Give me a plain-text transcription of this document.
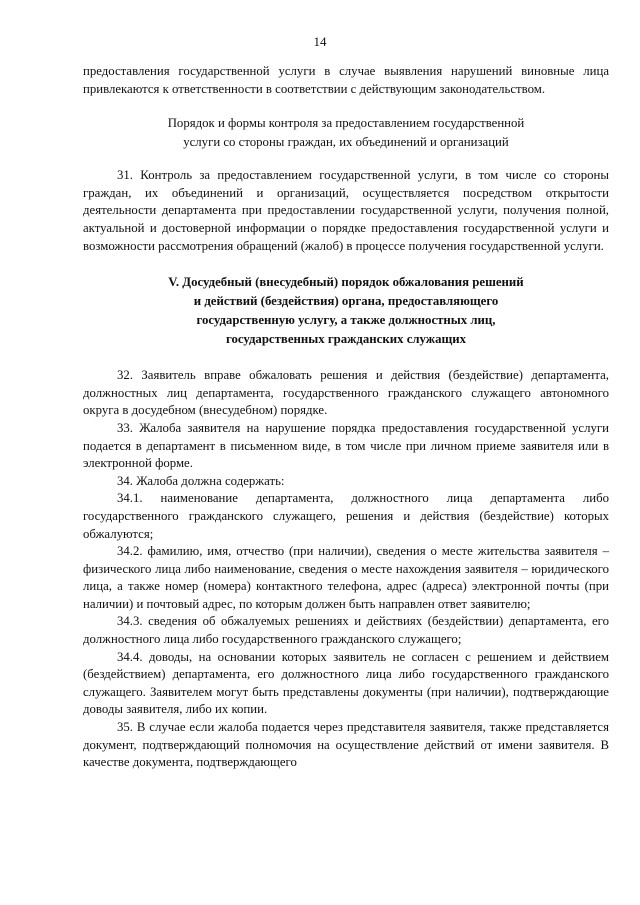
14

предоставления государственной услуги в случае выявления нарушений виновные лица привлекаются к ответственности в соответствии с действующим законодательством.

Порядок и формы контроля за предоставлением государственной
услуги со стороны граждан, их объединений и организаций

31. Контроль за предоставлением государственной услуги, в том числе со стороны граждан, их объединений и организаций, осуществляется посредством открытости деятельности департамента при предоставлении государственной услуги, получения полной, актуальной и достоверной информации о порядке предоставления государственной услуги и возможности рассмотрения обращений (жалоб) в процессе получения государственной услуги.

V. Досудебный (внесудебный) порядок обжалования решений
и действий (бездействия) органа, предоставляющего
государственную услугу, а также должностных лиц,
государственных гражданских служащих

32. Заявитель вправе обжаловать решения и действия (бездействие) департамента, должностных лиц департамента, государственного гражданского служащего автономного округа в досудебном (внесудебном) порядке.

33. Жалоба заявителя на нарушение порядка предоставления государственной услуги подается в департамент в письменном виде, в том числе при личном приеме заявителя или в электронной форме.

34. Жалоба должна содержать:

34.1. наименование департамента, должностного лица департамента либо государственного гражданского служащего, решения и действия (бездействие) которых обжалуются;

34.2. фамилию, имя, отчество (при наличии), сведения о месте жительства заявителя – физического лица либо наименование, сведения о месте нахождения заявителя – юридического лица, а также номер (номера) контактного телефона, адрес (адреса) электронной почты (при наличии) и почтовый адрес, по которым должен быть направлен ответ заявителю;

34.3. сведения об обжалуемых решениях и действиях (бездействии) департамента, его должностного лица либо государственного гражданского служащего;

34.4. доводы, на основании которых заявитель не согласен с решением и действием (бездействием) департамента, его должностного лица либо государственного гражданского служащего. Заявителем могут быть представлены документы (при наличии), подтверждающие доводы заявителя, либо их копии.

35. В случае если жалоба подается через представителя заявителя, также представляется документ, подтверждающий полномочия на осуществление действий от имени заявителя. В качестве документа, подтверждающего
